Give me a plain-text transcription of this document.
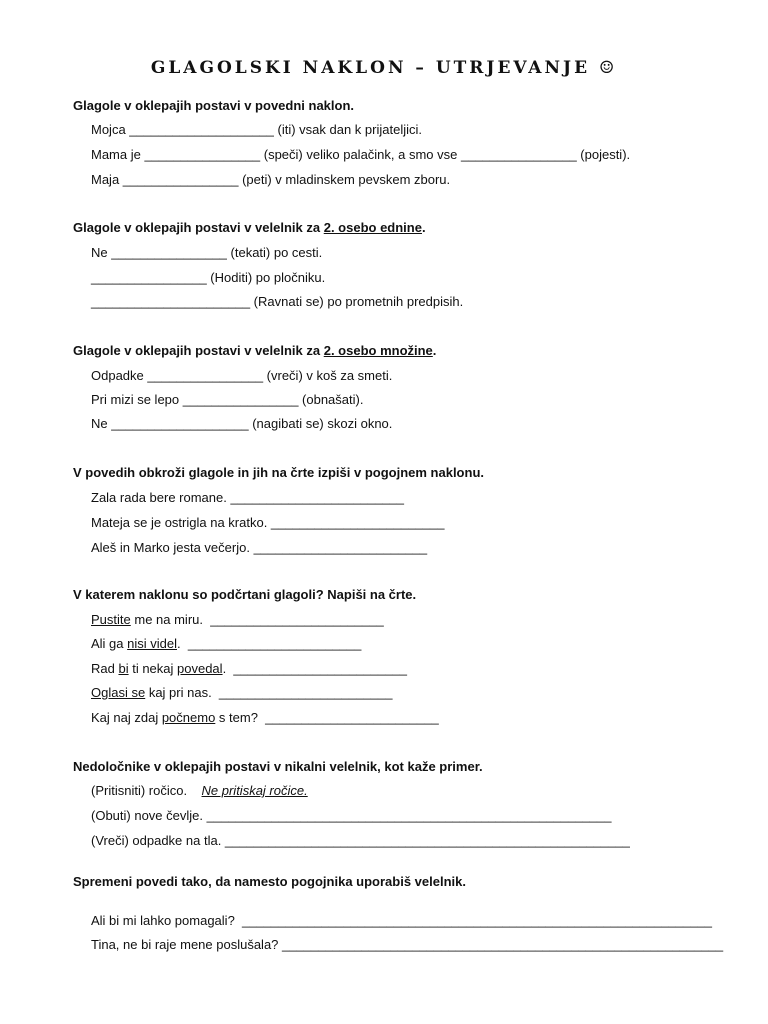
GLAGOLSKI NAKLON – UTRJEVANJE ☺
Glagole v oklepajih postavi v povedni naklon.
Mojca ____________________ (iti) vsak dan k prijateljici.
Mama je ________________ (speči) veliko palačink, a smo vse ________________ (pojesti).
Maja ________________ (peti) v mladinskem pevskem zboru.
Glagole v oklepajih postavi v velelnik za 2. osebo ednine.
Ne ________________ (tekati) po cesti.
________________ (Hoditi) po pločniku.
______________________ (Ravnati se) po prometnih predpisih.
Glagole v oklepajih postavi v velelnik za 2. osebo množine.
Odpadke ________________ (vreči) v koš za smeti.
Pri mizi se lepo ________________ (obnašati).
Ne ___________________ (nagibati se) skozi okno.
V povedih obkroži glagole in jih na črte izpiši v pogojnem naklonu.
Zala rada bere romane. ________________________
Mateja se je ostrigla na kratko. ________________________
Aleš in Marko jesta večerjo. ________________________
V katerem naklonu so podčrtani glagoli? Napiši na črte.
Pustite me na miru.  ________________________
Ali ga nisi videl.  ________________________
Rad bi ti nekaj povedal.  ________________________
Oglasi se kaj pri nas.  ________________________
Kaj naj zdaj počnemo s tem?  ________________________
Nedoločnike v oklepajih postavi v nikalni velelnik, kot kaže primer.
(Pritisniti) ročico.    Ne pritiskaj ročice.
(Obuti) nove čevlje. ________________________________________________________
(Vreči) odpadke na tla. ________________________________________________________
Spremeni povedi tako, da namesto pogojnika uporabiš velelnik.
Ali bi mi lahko pomagali?  _________________________________________________________________
Tina, ne bi raje mene poslušala? _____________________________________________________________
